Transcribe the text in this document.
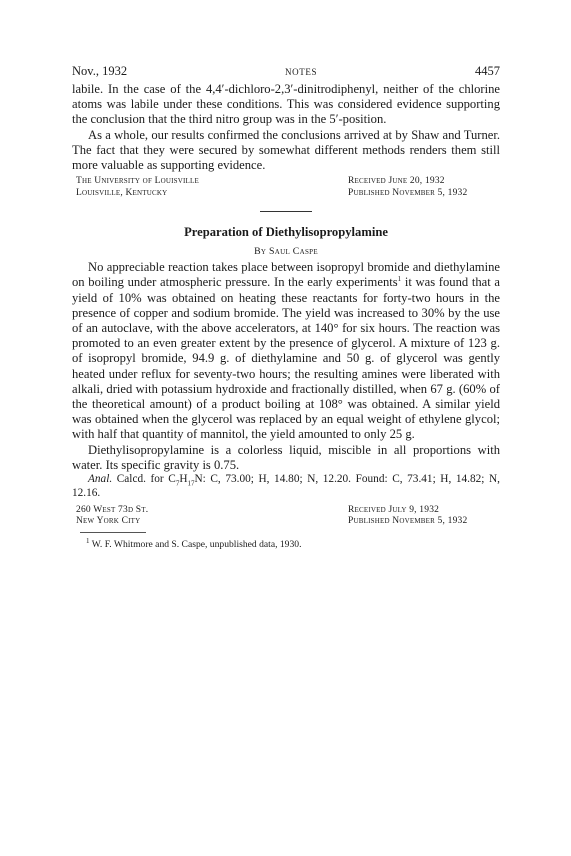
Nov., 1932	NOTES	4457

labile. In the case of the 4,4′-dichloro-2,3′-dinitrodiphenyl, neither of the chlorine atoms was labile under these conditions. This was considered evidence supporting the conclusion that the third nitro group was in the 5′-position.

As a whole, our results confirmed the conclusions arrived at by Shaw and Turner. The fact that they were secured by somewhat different methods renders them still more valuable as supporting evidence.

The University of Louisville
Louisville, Kentucky
Received June 20, 1932
Published November 5, 1932
Preparation of Diethylisopropylamine
By Saul Caspe

No appreciable reaction takes place between isopropyl bromide and diethylamine on boiling under atmospheric pressure. In the early experiments$^1$ it was found that a yield of 10% was obtained on heating these reactants for forty-two hours in the presence of copper and sodium bromide. The yield was increased to 30% by the use of an autoclave, with the above accelerators, at 140° for six hours. The reaction was promoted to an even greater extent by the presence of glycerol. A mixture of 123 g. of isopropyl bromide, 94.9 g. of diethylamine and 50 g. of glycerol was gently heated under reflux for seventy-two hours; the resulting amines were liberated with alkali, dried with potassium hydroxide and fractionally distilled, when 67 g. (60% of the theoretical amount) of a product boiling at 108° was obtained. A similar yield was obtained when the glycerol was replaced by an equal weight of ethylene glycol; with half that quantity of mannitol, the yield amounted to only 25 g.

Diethylisopropylamine is a colorless liquid, miscible in all proportions with water. Its specific gravity is 0.75.

Anal. Calcd. for $C_7H_{17}N$: C, 73.00; H, 14.80; N, 12.20. Found: C, 73.41; H, 14.82; N, 12.16.
260 West 73d St.
New York City
Received July 9, 1932
Published November 5, 1932
$^1$ W. F. Whitmore and S. Caspe, unpublished data, 1930.
